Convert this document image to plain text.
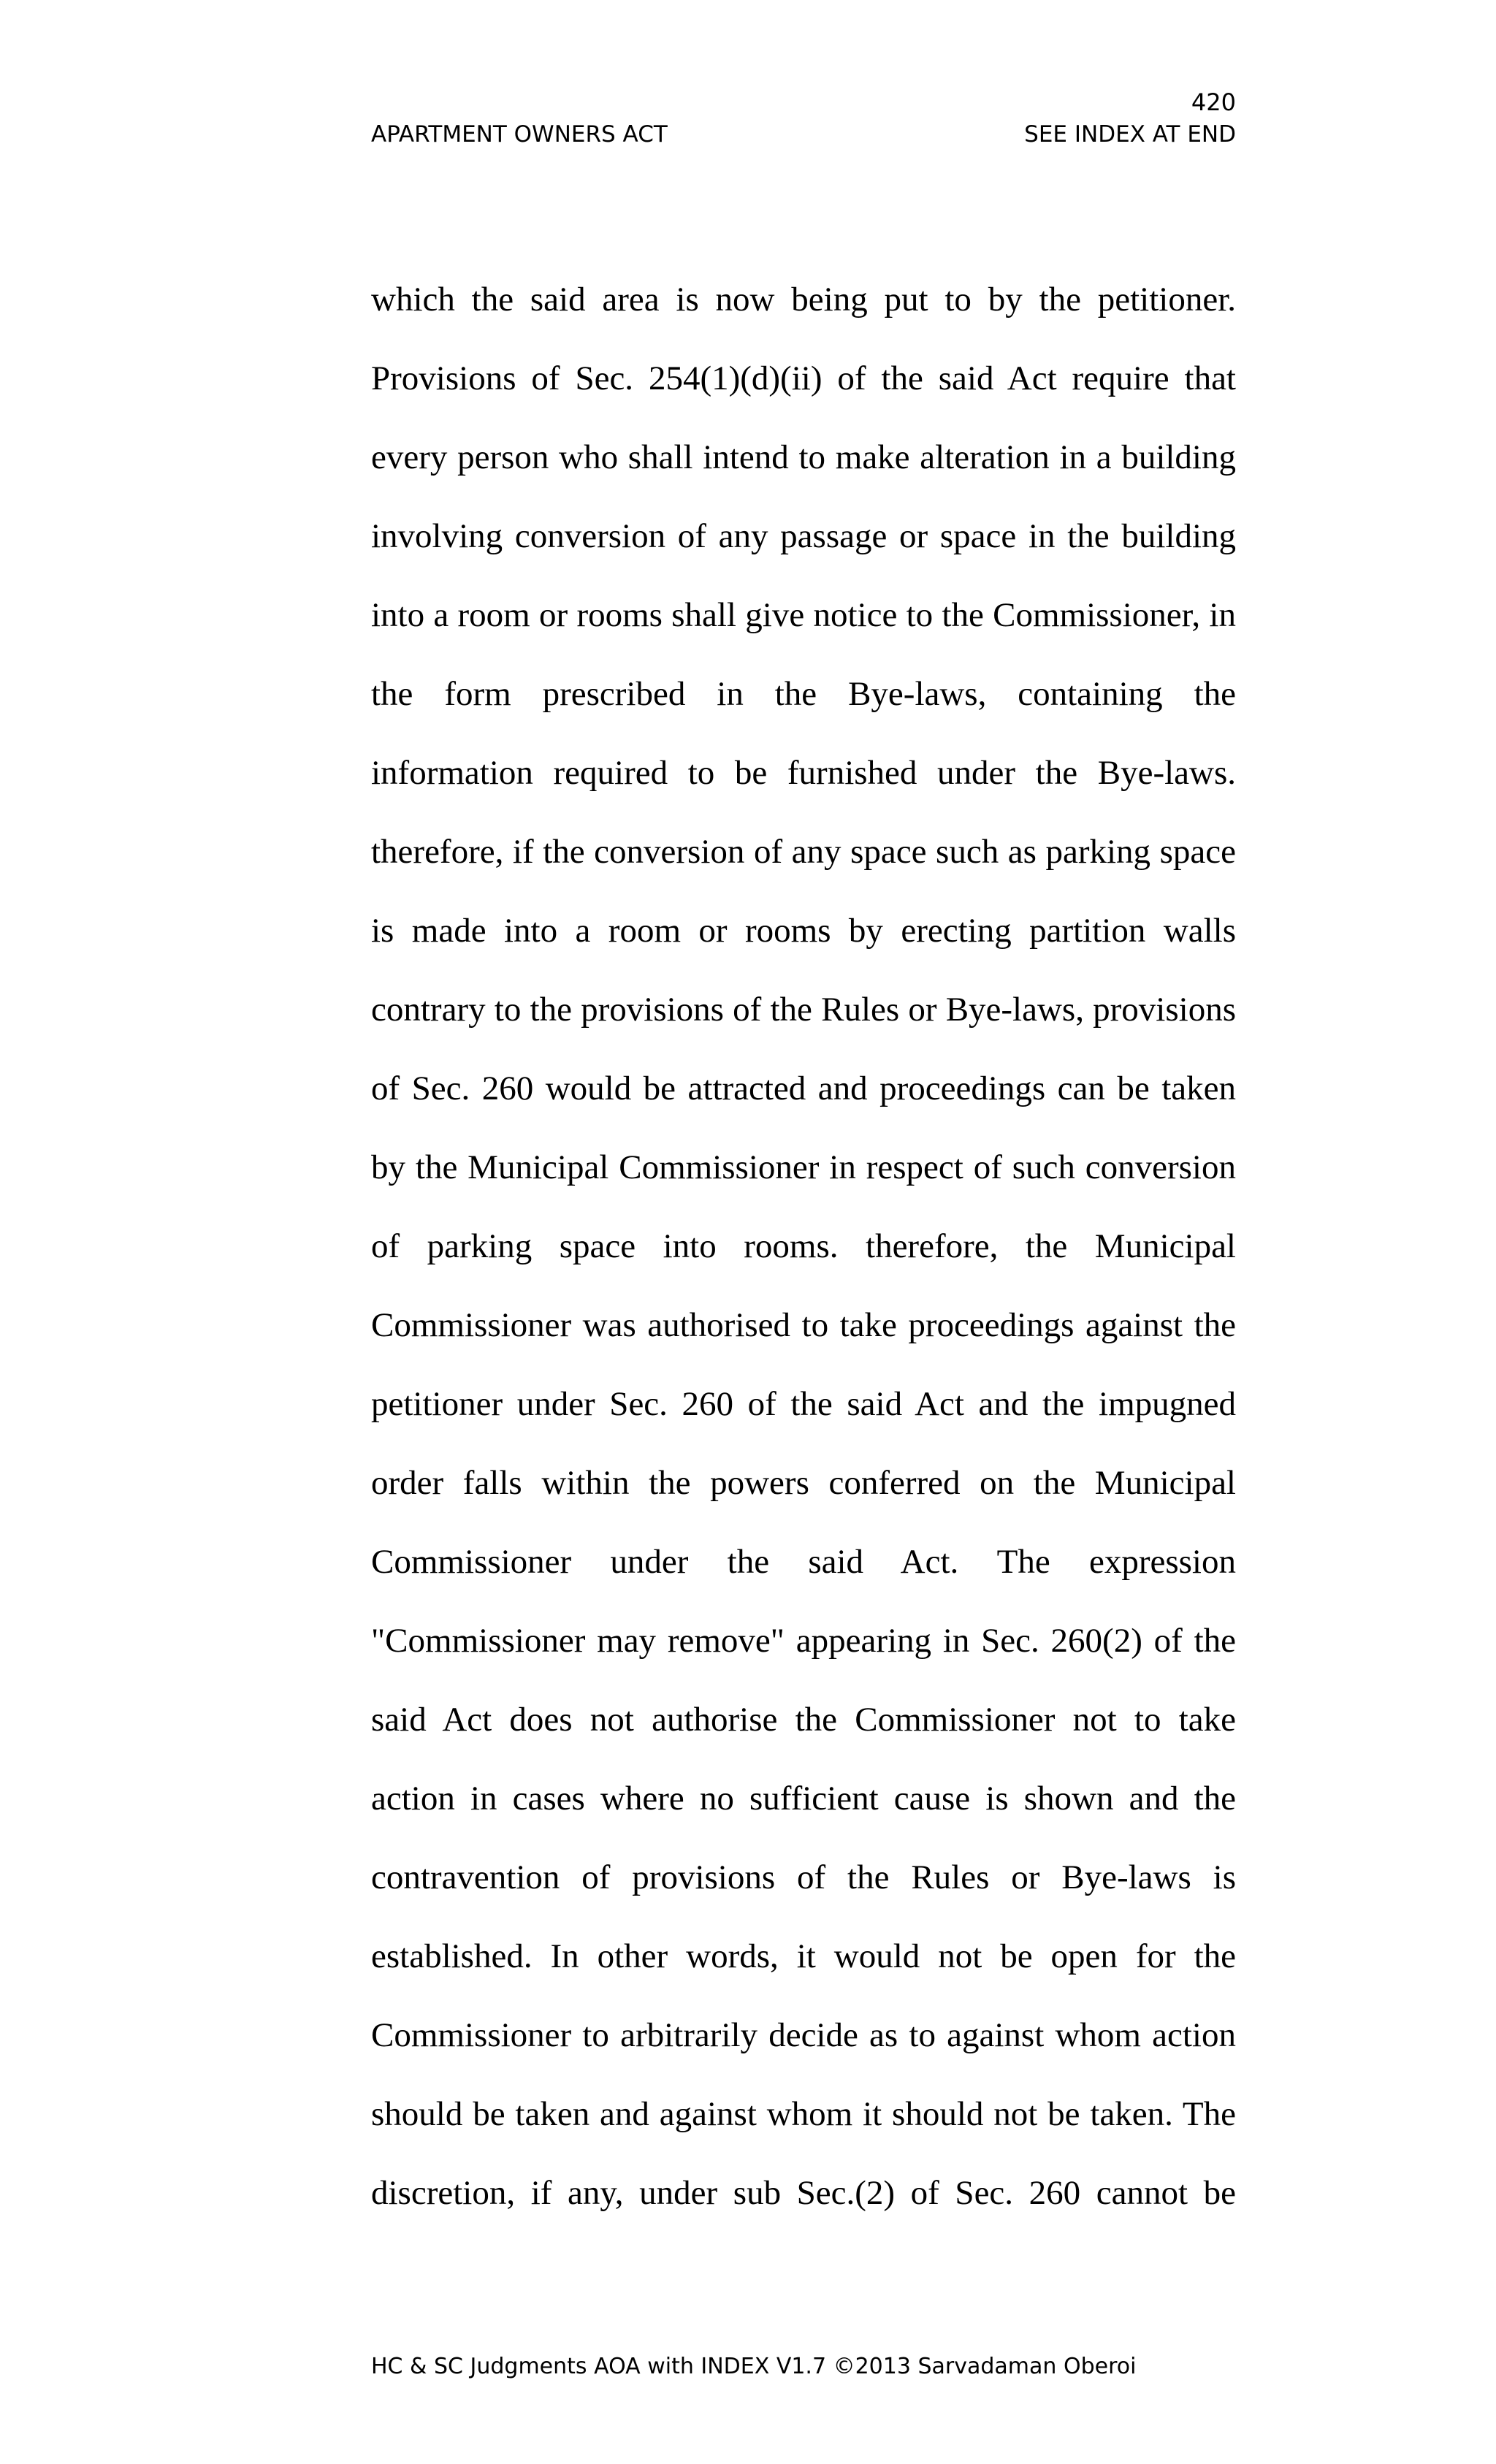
420
APARTMENT OWNERS ACT	SEE INDEX AT END
which the said area is now being put to by the petitioner.
Provisions of Sec. 254(1)(d)(ii) of the said Act require that
every person who shall intend to make alteration in a building
involving conversion of any passage or space in the building
into a room or rooms shall give notice to the Commissioner, in
the form prescribed in the Bye-laws, containing the
information required to be furnished under the Bye-laws.
therefore, if the conversion of any space such as parking space
is made into a room or rooms by erecting partition walls
contrary to the provisions of the Rules or Bye-laws, provisions
of Sec. 260 would be attracted and proceedings can be taken
by the Municipal Commissioner in respect of such conversion
of parking space into rooms. therefore, the Municipal
Commissioner was authorised to take proceedings against the
petitioner under Sec. 260 of the said Act and the impugned
order falls within the powers conferred on the Municipal
Commissioner under the said Act. The expression
"Commissioner may remove" appearing in Sec. 260(2) of the
said Act does not authorise the Commissioner not to take
action in cases where no sufficient cause is shown and the
contravention of provisions of the Rules or Bye-laws is
established. In other words, it would not be open for the
Commissioner to arbitrarily decide as to against whom action
should be taken and against whom it should not be taken. The
discretion, if any, under sub Sec.(2) of Sec. 260 cannot be
HC & SC Judgments AOA with INDEX V1.7 ©2013 Sarvadaman Oberoi
